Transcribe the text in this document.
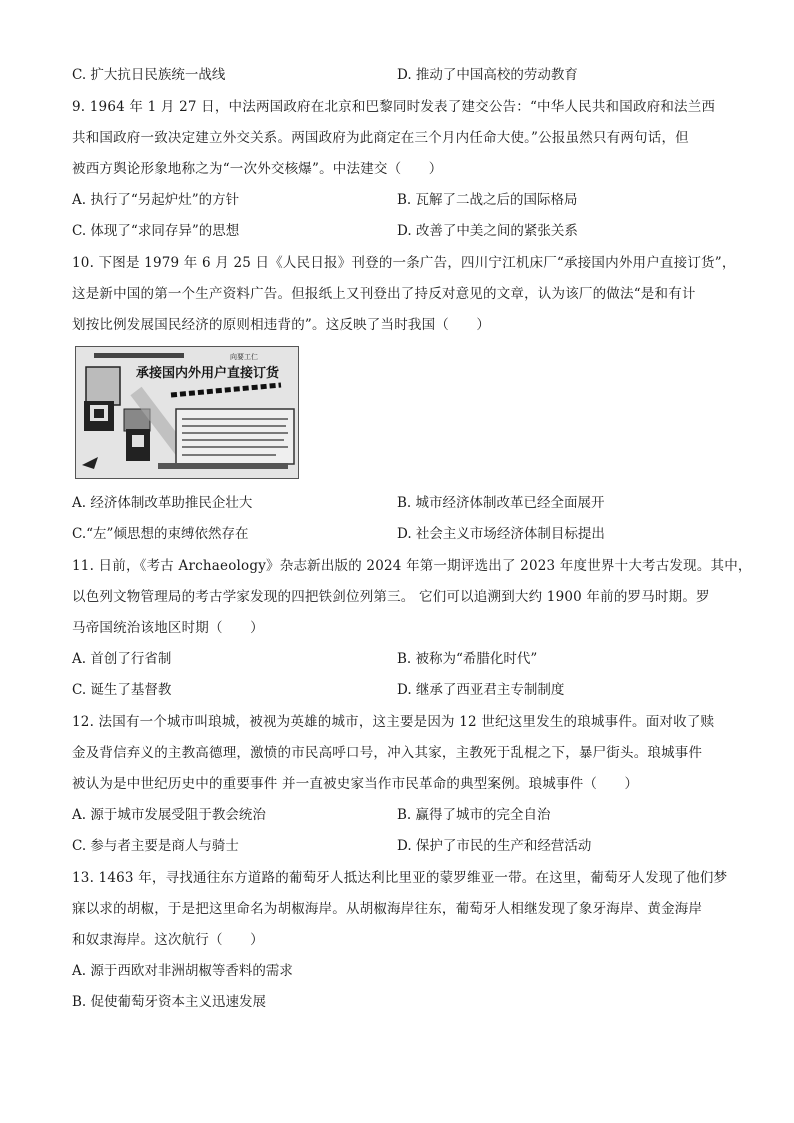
C. 扩大抗日民族统一战线	D. 推动了中国高校的劳动教育
9. 1964 年 1 月 27 日，中法两国政府在北京和巴黎同时发表了建交公告：“中华人民共和国政府和法兰西
共和国政府一致决定建立外交关系。两国政府为此商定在三个月内任命大使。”公报虽然只有两句话，但
被西方舆论形象地称之为“一次外交核爆”。中法建交（　　）
A. 执行了“另起炉灶”的方针	B. 瓦解了二战之后的国际格局
C. 体现了“求同存异”的思想	D. 改善了中美之间的紧张关系
10. 下图是 1979 年 6 月 25 日《人民日报》刊登的一条广告，四川宁江机床厂“承接国内外用户直接订货”，
这是新中国的第一个生产资料广告。但报纸上又刊登出了持反对意见的文章，认为该厂的做法“是和有计
划按比例发展国民经济的原则相违背的”。这反映了当时我国（　　）
向要工仁
承接国内外用户直接订货
A. 经济体制改革助推民企壮大	B. 城市经济体制改革已经全面展开
C.“左”倾思想的束缚依然存在	D. 社会主义市场经济体制目标提出
11. 日前，《考古 Archaeology》杂志新出版的 2024 年第一期评选出了 2023 年度世界十大考古发现。其中，
以色列文物管理局的考古学家发现的四把铁剑位列第三。 它们可以追溯到大约 1900 年前的罗马时期。罗
马帝国统治该地区时期（　　）
A. 首创了行省制	B. 被称为“希腊化时代”
C. 诞生了基督教	D. 继承了西亚君主专制制度
12. 法国有一个城市叫琅城，被视为英雄的城市，这主要是因为 12 世纪这里发生的琅城事件。面对收了赎
金及背信弃义的主教高德理，激愤的市民高呼口号，冲入其家，主教死于乱棍之下，暴尸街头。琅城事件
被认为是中世纪历史中的重要事件 并一直被史家当作市民革命的典型案例。琅城事件（　　）
A. 源于城市发展受阻于教会统治	B. 赢得了城市的完全自治
C. 参与者主要是商人与骑士	D. 保护了市民的生产和经营活动
13. 1463 年，寻找通往东方道路的葡萄牙人抵达利比里亚的蒙罗维亚一带。在这里，葡萄牙人发现了他们梦
寐以求的胡椒，于是把这里命名为胡椒海岸。从胡椒海岸往东，葡萄牙人相继发现了象牙海岸、黄金海岸
和奴隶海岸。这次航行（　　）
A. 源于西欧对非洲胡椒等香料的需求
B. 促使葡萄牙资本主义迅速发展
